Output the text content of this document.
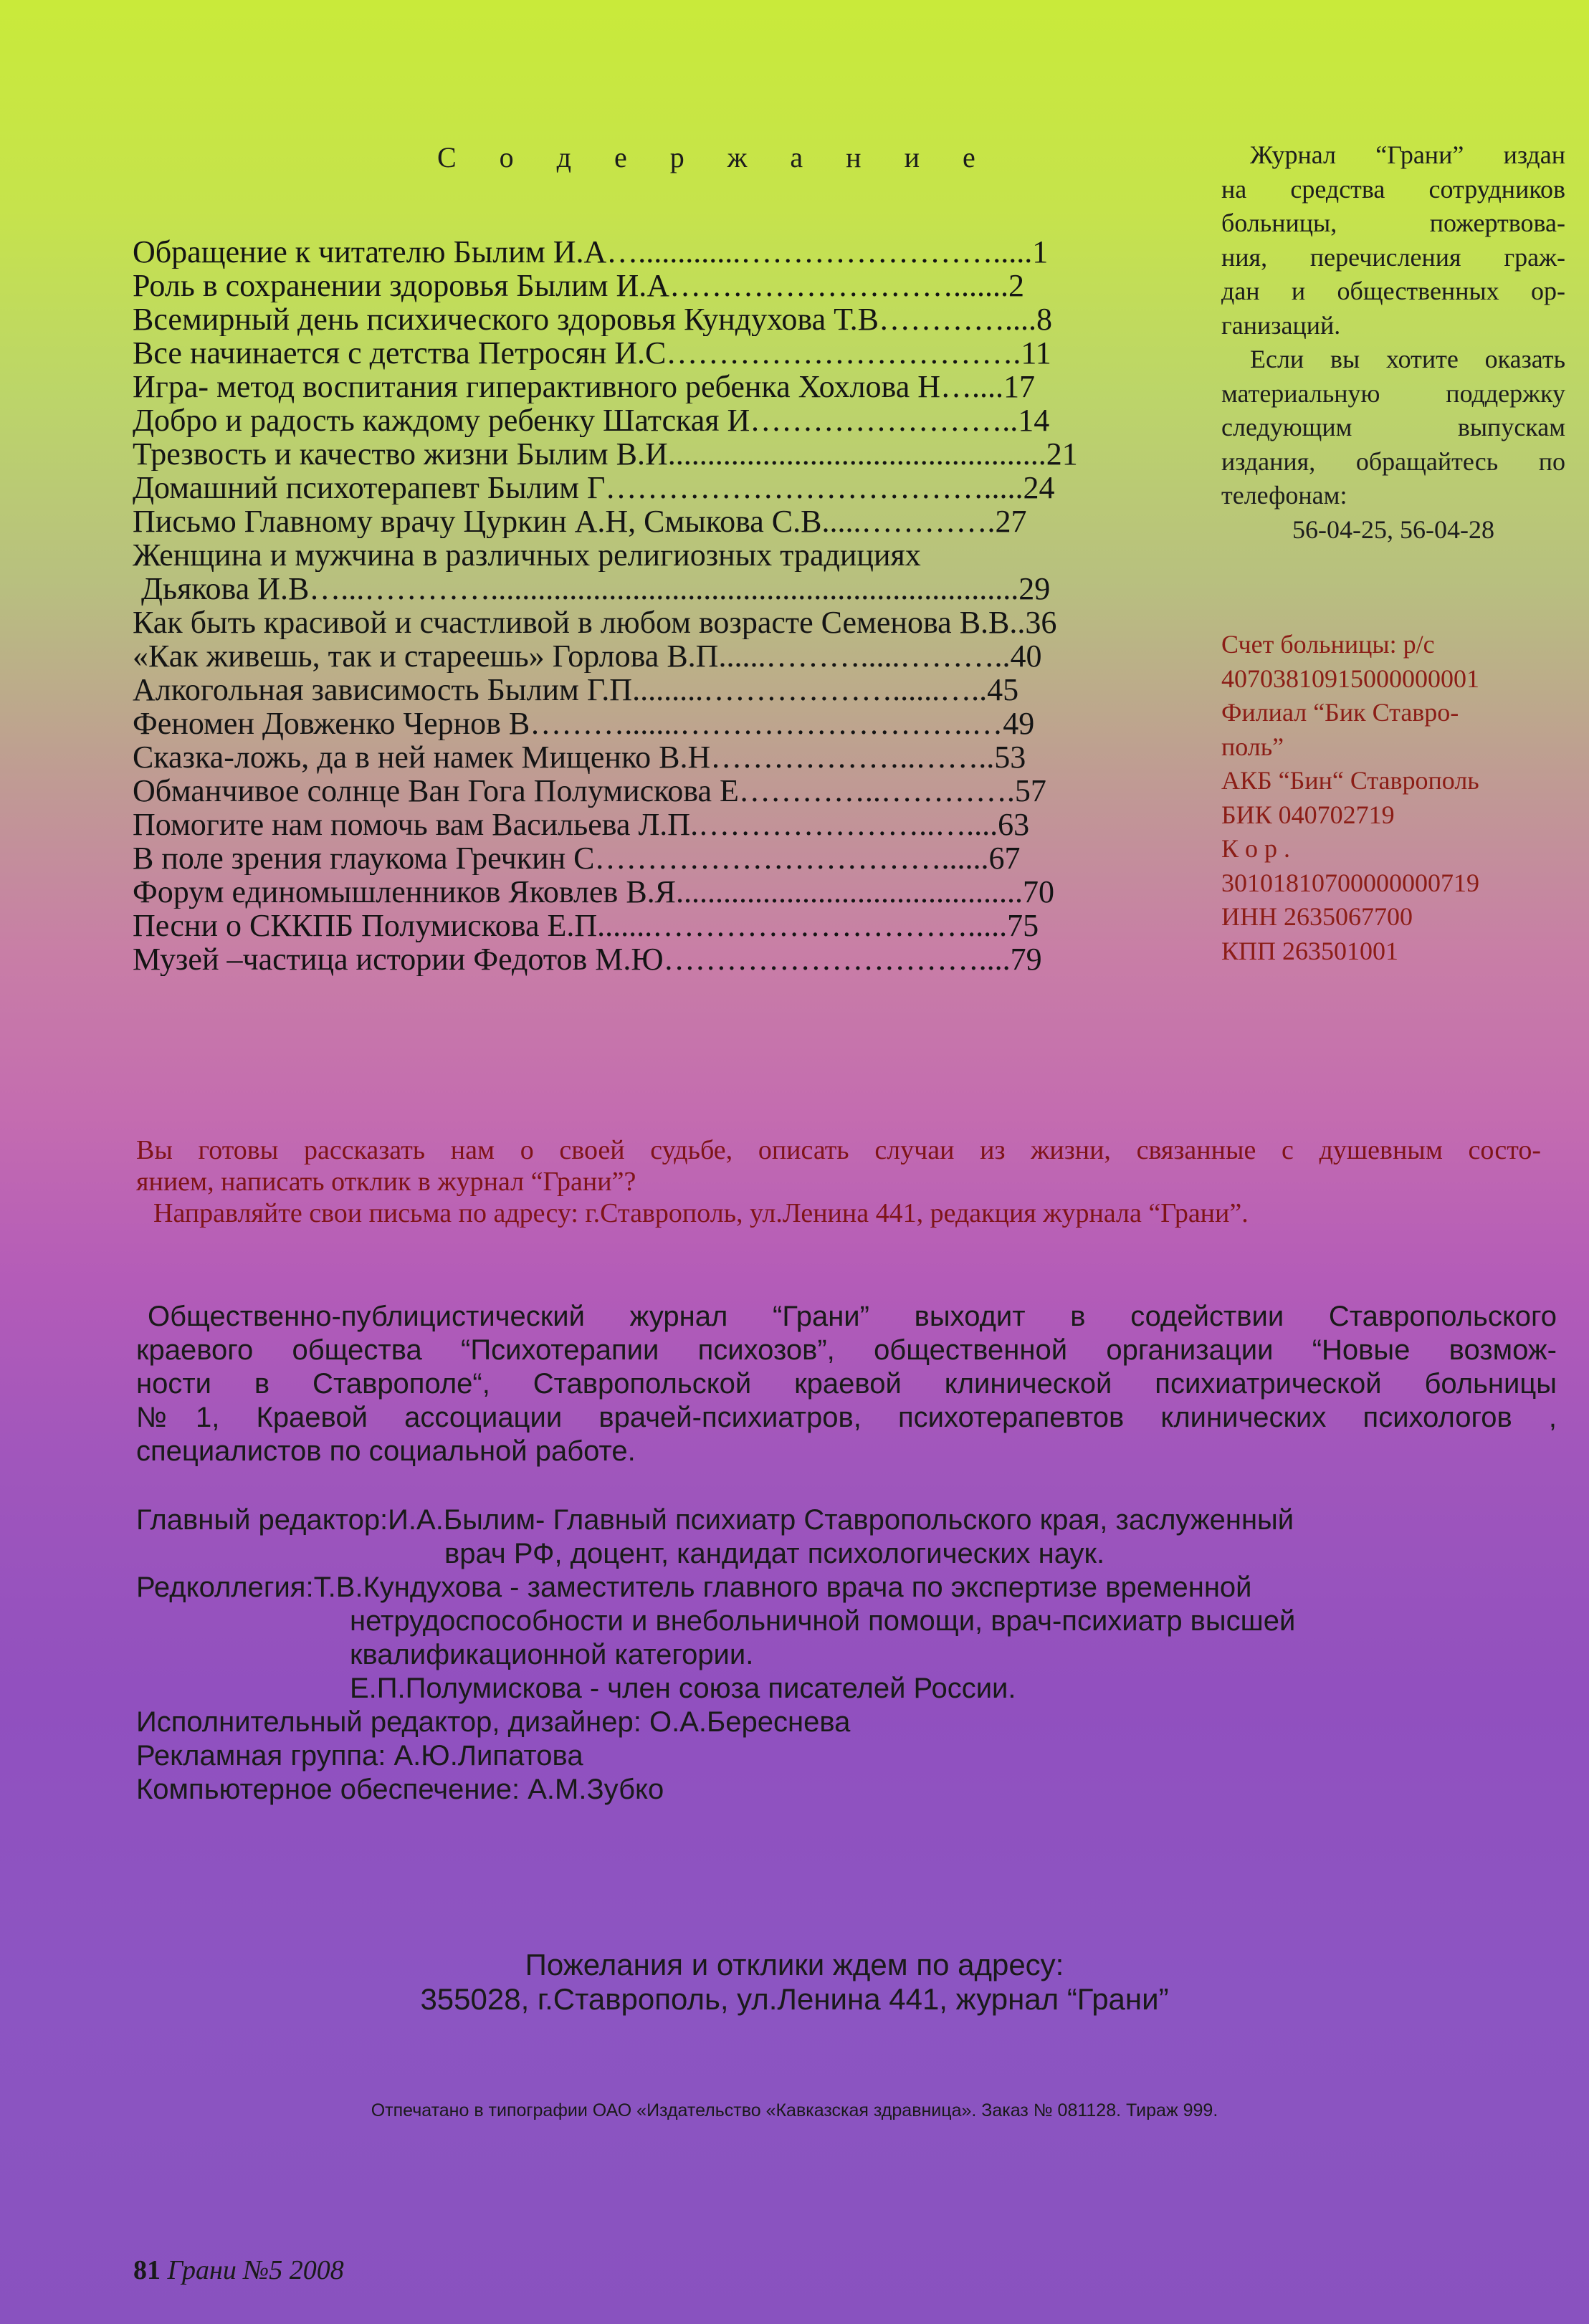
С о д е р ж а н и е
Обращение к читателю Былим И.А….............…………………….....1
Роль в сохранении здоровья Былим И.А……………………….......2
Всемирный день психического здоровья Кундухова Т.В…………....8
Все начинается с детства Петросян И.С…………………………….11
Игра- метод воспитания гиперактивного ребенка Хохлова Н…....17
Добро и радость каждому ребенку Шатская И……………………..14
Трезвость и качество жизни Былим В.И................................................21
Домашний психотерапевт Былим Г……………………………….....24
Письмо Главному врачу Цуркин А.Н, Смыкова С.В.....………….27
Женщина и мужчина в различных религиозных традициях
Дьякова И.В…...…………...................................................................29
Как быть красивой и счастливой в любом возрасте Семенова В.В..36
«Как живешь, так и стареешь» Горлова В.П......……….....………..40
Алкогольная зависимость Былим Г.П.........………………......…..45
Феномен Довженко Чернов В……….......……………………….…49
Сказка-ложь, да в ней намек Мищенко В.Н………………..……..53
Обманчивое солнце Ван Гога Полумискова Е…………..………….57
Помогите нам помочь вам Васильева Л.П.…………………..…....63
В поле зрения глаукома Гречкин С……………………………......67
Форум единомышленников Яковлев В.Я............................................70
Песни о СККПБ Полумискова Е.П.......………………………….....75
Музей –частица истории Федотов М.Ю…………………………....79

Журнал “Грани” издан

на средства сотрудников

больницы, пожертвова-

ния, перечисления граж-

дан и общественных ор-

ганизаций.

Если вы хотите оказать

материальную поддержку

следующим выпускам

издания, обращайтесь по

телефонам:

56-04-25, 56-04-28

Счет больницы: р/с

40703810915000000001

Филиал “Бик Ставро-

поль”

АКБ “Бин“ Ставрополь

БИК 040702719

К о р .

30101810700000000719

ИНН 2635067700

КПП 263501001

Вы готовы рассказать нам о своей судьбе, описать случаи из жизни, связанные с душевным состо-

янием, написать отклик в журнал “Грани”?

Направляйте свои письма по адресу: г.Ставрополь, ул.Ленина 441, редакция журнала “Грани”.

Общественно-публицистический журнал “Грани” выходит в содействии Ставропольского

краевого общества “Психотерапии психозов”, общественной организации “Новые возмож-

ности в Ставрополе“, Ставропольской краевой клинической психиатрической больницы

№1, Краевой ассоциации врачей-психиатров, психотерапевтов клинических психологов ,

специалистов по социальной работе.

Главный редактор:И.А.Былим- Главный психиатр Ставропольского края, заслуженный
врач РФ, доцент, кандидат психологических наук.
Редколлегия:Т.В.Кундухова - заместитель главного врача по экспертизе временной
нетрудоспособности и внебольничной помощи, врач-психиатр высшей
квалификационной категории.
Е.П.Полумискова - член союза писателей России.
Исполнительный редактор, дизайнер: О.А.Береснева
Рекламная группа: А.Ю.Липатова
Компьютерное обеспечение: А.М.Зубко

Пожелания и отклики ждем по адресу:

355028, г.Ставрополь, ул.Ленина 441, журнал “Грани”

Отпечатано в типографии ОАО «Издательство «Кавказская здравница». Заказ № 081128. Тираж 999.
81 Грани №5 2008
